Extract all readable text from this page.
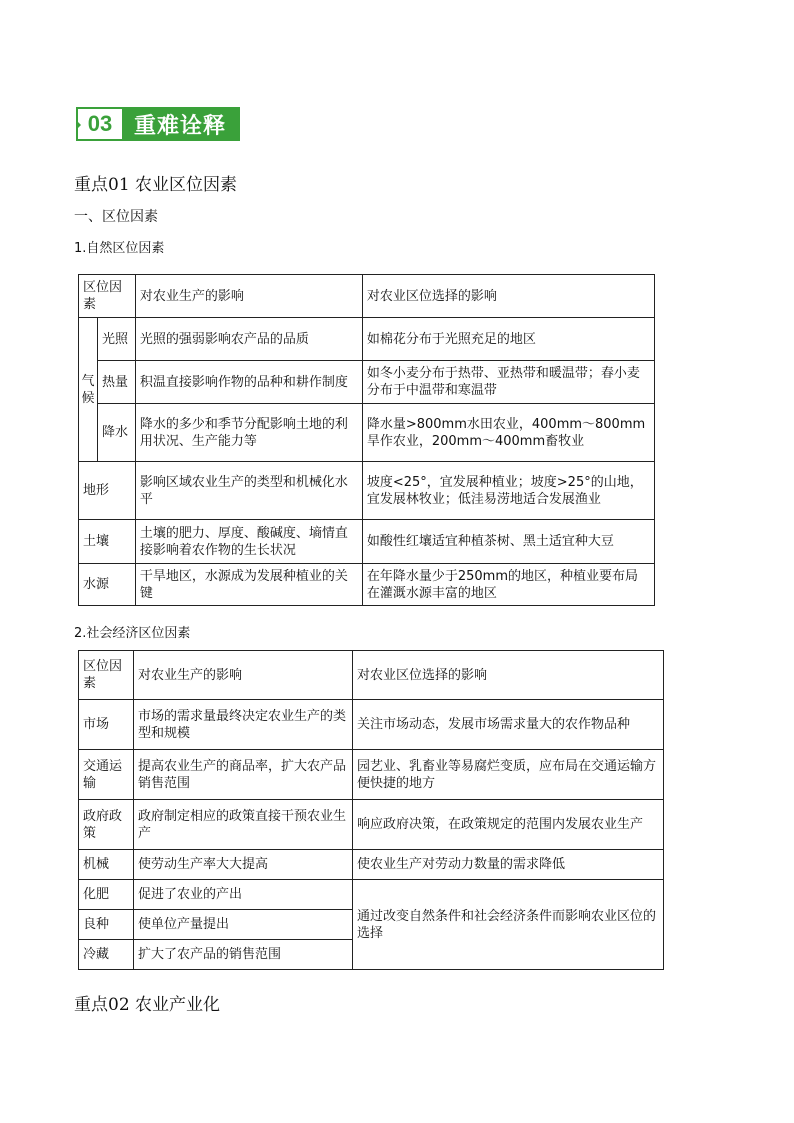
03 重难诠释
重点01 农业区位因素
一、区位因素
1.自然区位因素
区位因素		对农业生产的影响	对农业区位选择的影响
气候	光照	光照的强弱影响农产品的品质	如棉花分布于光照充足的地区
	热量	积温直接影响作物的品种和耕作制度	如冬小麦分布于热带、亚热带和暖温带；春小麦分布于中温带和寒温带
	降水	降水的多少和季节分配影响土地的利用状况、生产能力等	降水量>800mm水田农业，400mm～800mm旱作农业，200mm～400mm畜牧业
地形		影响区域农业生产的类型和机械化水平	坡度<25°，宜发展种植业；坡度>25°的山地，宜发展林牧业；低洼易涝地适合发展渔业
土壤		土壤的肥力、厚度、酸碱度、墒情直接影响着农作物的生长状况	如酸性红壤适宜种植茶树、黑土适宜种大豆
水源		干旱地区，水源成为发展种植业的关键	在年降水量少于250mm的地区，种植业要布局在灌溉水源丰富的地区
2.社会经济区位因素
区位因素	对农业生产的影响	对农业区位选择的影响
市场	市场的需求量最终决定农业生产的类型和规模	关注市场动态，发展市场需求量大的农作物品种
交通运输	提高农业生产的商品率，扩大农产品销售范围	园艺业、乳畜业等易腐烂变质，应布局在交通运输方便快捷的地方
政府政策	政府制定相应的政策直接干预农业生产	响应政府决策，在政策规定的范围内发展农业生产
机械	使劳动生产率大大提高	使农业生产对劳动力数量的需求降低
化肥	促进了农业的产出	通过改变自然条件和社会经济条件而影响农业区位的选择
良种	使单位产量提出	
冷藏	扩大了农产品的销售范围	
重点02 农业产业化
